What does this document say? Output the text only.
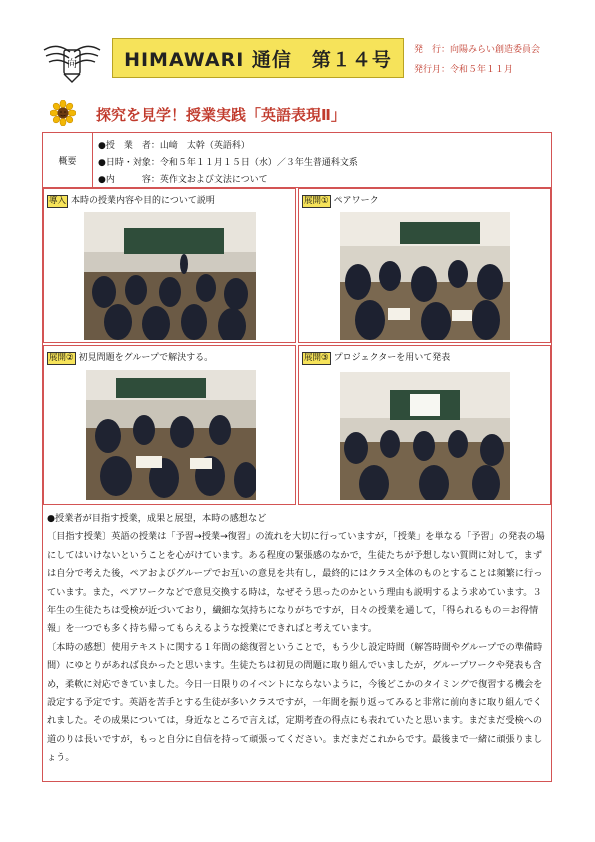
向 HIMAWARI 通信　第１４号 発　行：向陽みらい創造委員会
発行月：令和５年１１月
探究を見学！授業実践「英語表現Ⅱ」
概要
●授　業　者：山﨑　太幹（英語科）
●日時・対象：令和５年１１月１５日（水）／３年生普通科文系
●内　　　容：英作文および文法について
導入 本時の授業内容や目的について説明	展開① ペアワーク
展開② 初見問題をグループで解決する。	展開③ プロジェクターを用いて発表

●授業者が目指す授業，成果と展望，本時の感想など

〔目指す授業〕英語の授業は「予習→授業→復習」の流れを大切に行っていますが，「授業」を単なる「予習」の発表の場にしてはいけないということを心がけています。ある程度の緊張感のなかで，生徒たちが予想しない質問に対して，まずは自分で考えた後，ペアおよびグループでお互いの意見を共有し，最終的にはクラス全体のものとすることは頻繁に行っています。また，ペアワークなどで意見交換する時は，なぜそう思ったのかという理由も説明するよう求めています。３年生の生徒たちは受検が近づいており，繊細な気持ちになりがちですが，日々の授業を通して，「得られるもの＝お得情報」を一つでも多く持ち帰ってもらえるような授業にできればと考えています。

〔本時の感想〕使用テキストに関する１年間の総復習ということで，もう少し設定時間（解答時間やグループでの準備時間）にゆとりがあれば良かったと思います。生徒たちは初見の問題に取り組んでいましたが，グループワークや発表も含め，柔軟に対応できていました。今日一日限りのイベントにならないように，今後どこかのタイミングで復習する機会を設定する予定です。英語を苦手とする生徒が多いクラスですが，一年間を振り返ってみると非常に前向きに取り組んでくれました。その成果については，身近なところで言えば，定期考査の得点にも表れていたと思います。まだまだ受検への道のりは長いですが，もっと自分に自信を持って頑張ってください。まだまだこれからです。最後まで一緒に頑張りましょう。
